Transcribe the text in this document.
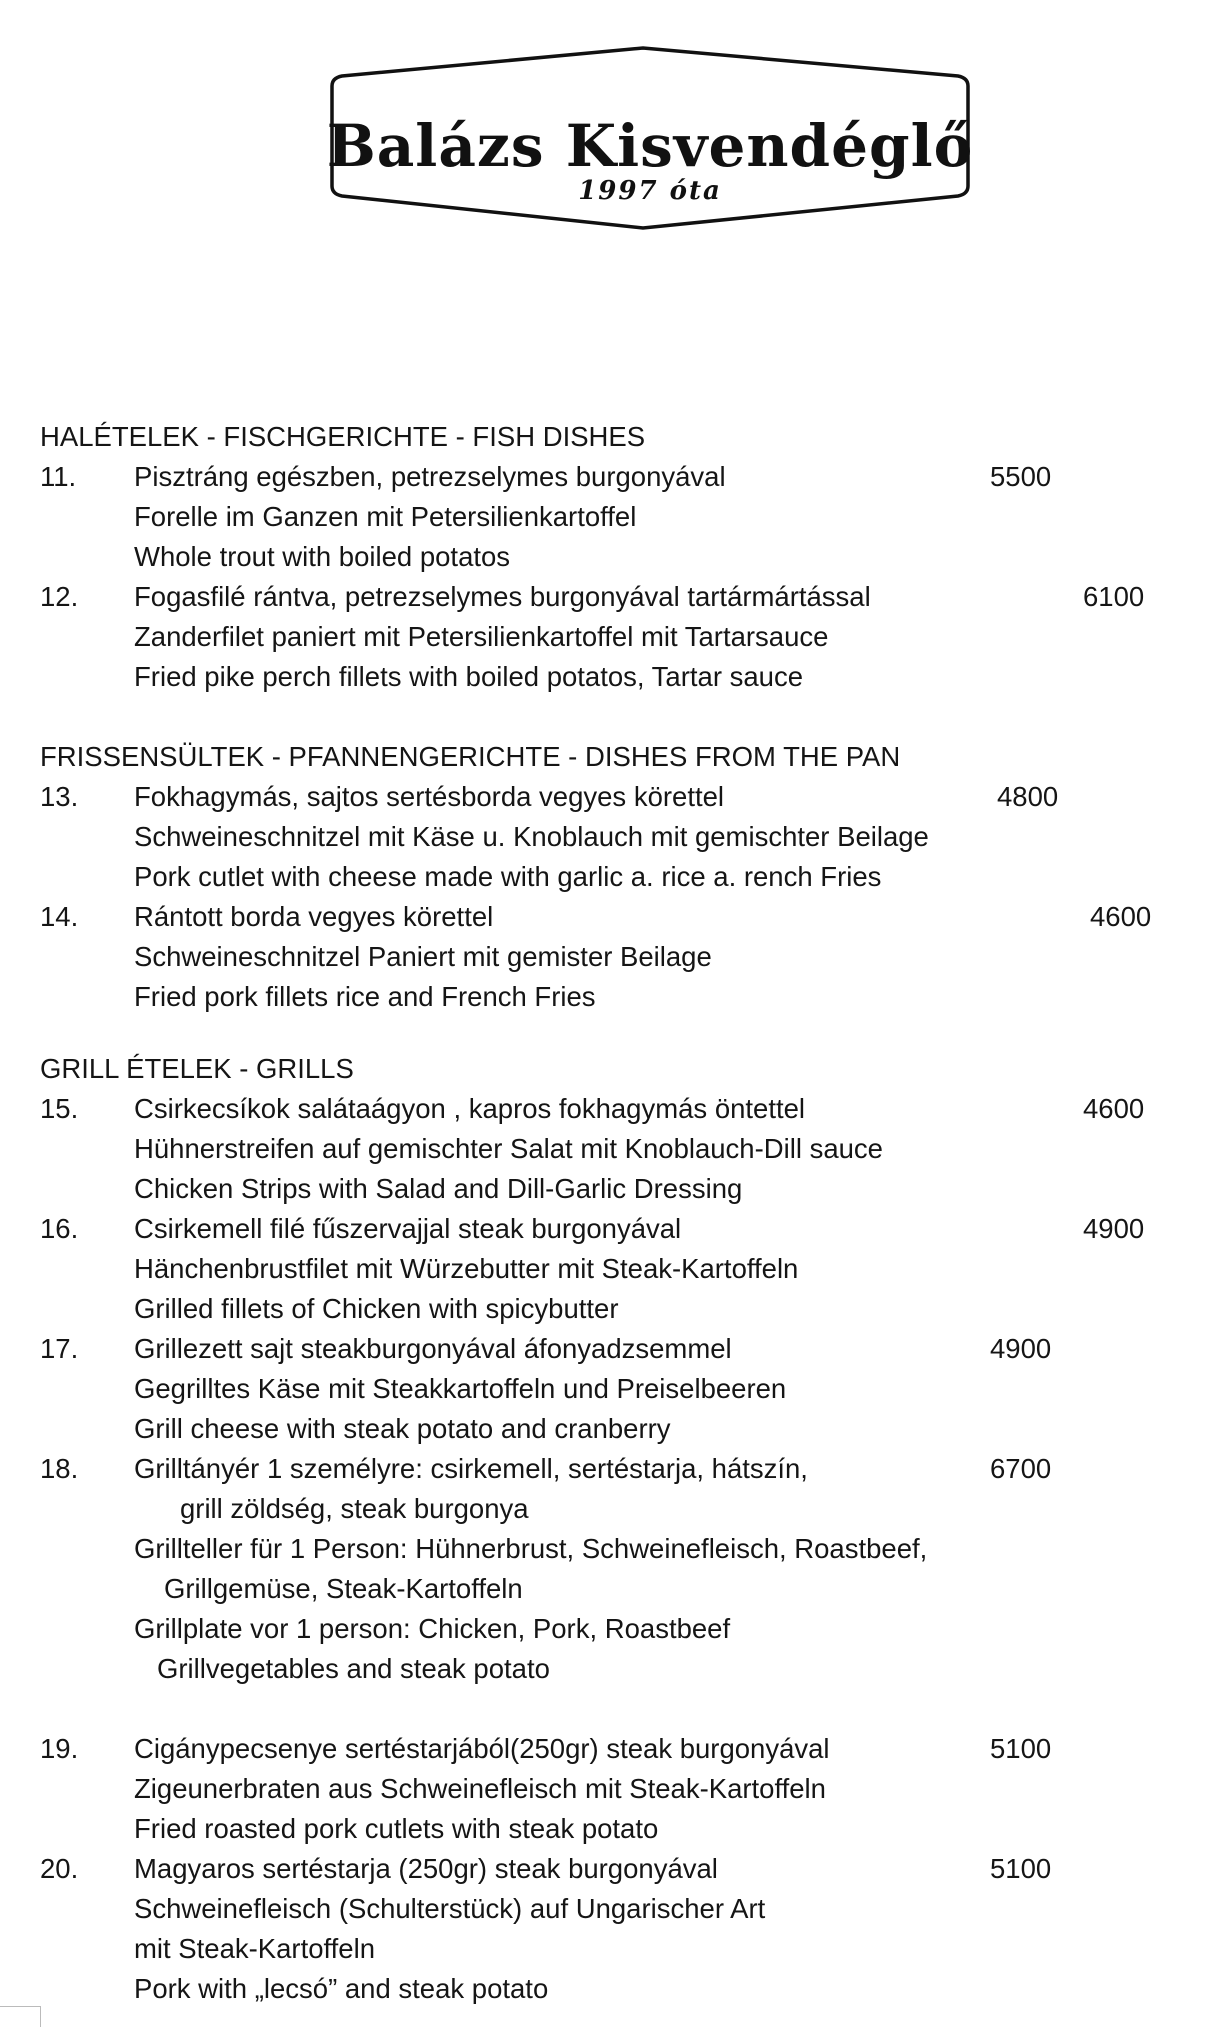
Balázs Kisvendéglő
1997 óta
HALÉTELEK - FISCHGERICHTE - FISH DISHES
11. Pisztráng egészben, petrezselymes burgonyával	5500
Forelle im Ganzen mit Petersilienkartoffel
Whole trout with boiled potatos
12. Fogasfilé rántva, petrezselymes burgonyával tartármártással	6100
Zanderfilet paniert mit Petersilienkartoffel mit Tartarsauce
Fried pike perch fillets with boiled potatos, Tartar sauce
FRISSENSÜLTEK - PFANNENGERICHTE - DISHES FROM THE PAN
13. Fokhagymás, sajtos sertésborda vegyes körettel	4800
Schweineschnitzel mit Käse u. Knoblauch mit gemischter Beilage
Pork cutlet with cheese made with garlic a. rice a. rench Fries
14. Rántott borda vegyes körettel	4600
Schweineschnitzel Paniert mit gemister Beilage
Fried pork fillets rice and French Fries
GRILL ÉTELEK - GRILLS
15. Csirkecsíkok salátaágyon , kapros fokhagymás öntettel	4600
Hühnerstreifen auf gemischter Salat mit Knoblauch-Dill sauce
Chicken Strips with Salad and Dill-Garlic Dressing
16. Csirkemell filé fűszervajjal steak burgonyával	4900
Hänchenbrustfilet mit Würzebutter mit Steak-Kartoffeln
Grilled fillets of Chicken with spicybutter
17. Grillezett sajt steakburgonyával áfonyadzsemmel	4900
Gegrilltes Käse mit Steakkartoffeln und Preiselbeeren
Grill cheese with steak potato and cranberry
18. Grilltányér 1 személyre: csirkemell, sertéstarja, hátszín,	6700
grill zöldség, steak burgonya
Grillteller für 1 Person: Hühnerbrust, Schweinefleisch, Roastbeef,
Grillgemüse, Steak-Kartoffeln
Grillplate vor 1 person: Chicken, Pork, Roastbeef
Grillvegetables and steak potato
19. Cigánypecsenye sertéstarjából(250gr) steak burgonyával	5100
Zigeunerbraten aus Schweinefleisch mit Steak-Kartoffeln
Fried roasted pork cutlets with steak potato
20. Magyaros sertéstarja (250gr) steak burgonyával	5100
Schweinefleisch (Schulterstück) auf Ungarischer Art
mit Steak-Kartoffeln
Pork with „lecsó” and steak potato
